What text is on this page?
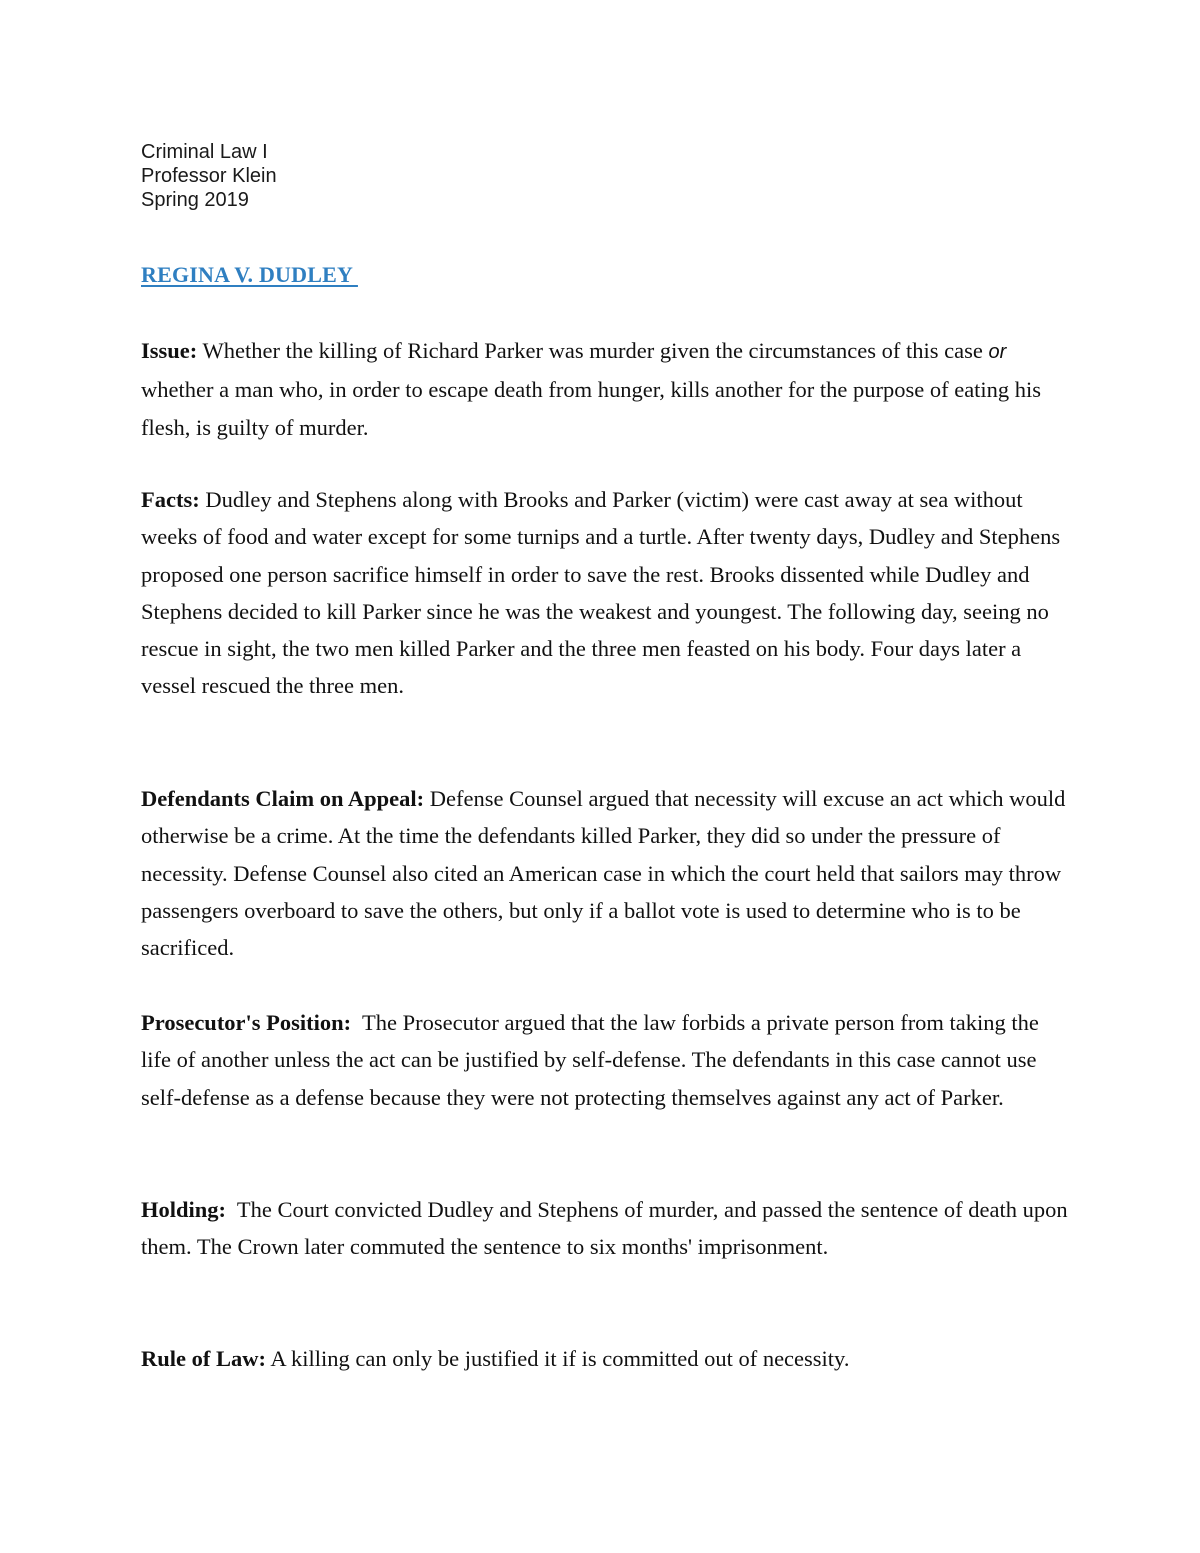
Criminal Law I
Professor Klein
Spring 2019
REGINA V. DUDLEY

Issue: Whether the killing of Richard Parker was murder given the circumstances of this case or whether a man who, in order to escape death from hunger, kills another for the purpose of eating his flesh, is guilty of murder.

Facts: Dudley and Stephens along with Brooks and Parker (victim) were cast away at sea without weeks of food and water except for some turnips and a turtle. After twenty days, Dudley and Stephens proposed one person sacrifice himself in order to save the rest. Brooks dissented while Dudley and Stephens decided to kill Parker since he was the weakest and youngest. The following day, seeing no rescue in sight, the two men killed Parker and the three men feasted on his body. Four days later a vessel rescued the three men.

Defendants Claim on Appeal: Defense Counsel argued that necessity will excuse an act which would otherwise be a crime. At the time the defendants killed Parker, they did so under the pressure of necessity. Defense Counsel also cited an American case in which the court held that sailors may throw passengers overboard to save the others, but only if a ballot vote is used to determine who is to be sacrificed.

Prosecutor's Position:  The Prosecutor argued that the law forbids a private person from taking the life of another unless the act can be justified by self-defense. The defendants in this case cannot use self-defense as a defense because they were not protecting themselves against any act of Parker.

Holding:  The Court convicted Dudley and Stephens of murder, and passed the sentence of death upon them. The Crown later commuted the sentence to six months' imprisonment.

Rule of Law: A killing can only be justified it if is committed out of necessity.
